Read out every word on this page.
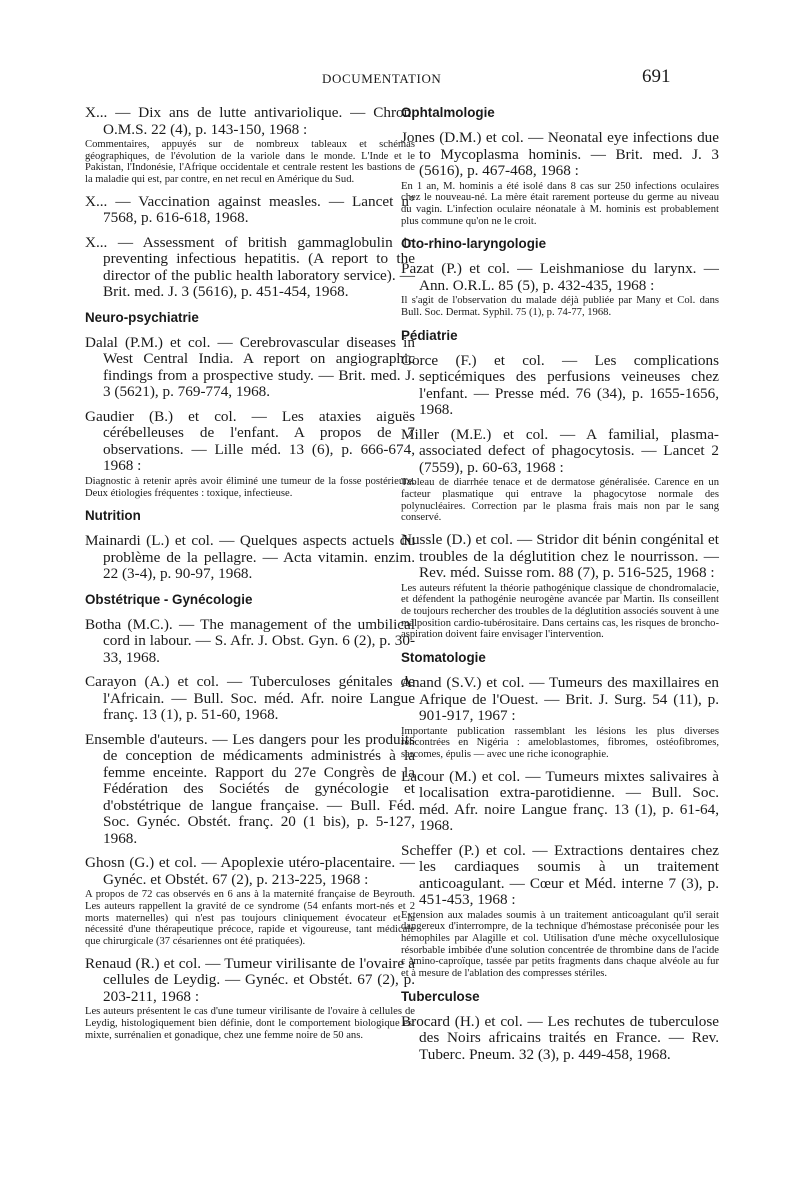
DOCUMENTATION	691
X... — Dix ans de lutte antivariolique. — Chron. O.M.S. 22 (4), p. 143-150, 1968 :
Commentaires, appuyés sur de nombreux tableaux et schémas géographiques, de l'évolution de la variole dans le monde. L'Inde et le Pakistan, l'Indonésie, l'Afrique occidentale et centrale restent les bastions de la maladie qui est, par contre, en net recul en Amérique du Sud.
X... — Vaccination against measles. — Lancet n° 7568, p. 616-618, 1968.
X... — Assessment of british gammaglobulin in preventing infectious hepatitis. (A report to the director of the public health laboratory service). — Brit. med. J. 3 (5616), p. 451-454, 1968.
Neuro-psychiatrie
Dalal (P.M.) et col. — Cerebrovascular diseases in West Central India. A report on angiographic findings from a prospective study. — Brit. med. J. 3 (5621), p. 769-774, 1968.
Gaudier (B.) et col. — Les ataxies aiguës cérébelleuses de l'enfant. A propos de 7 observations. — Lille méd. 13 (6), p. 666-674, 1968 :
Diagnostic à retenir après avoir éliminé une tumeur de la fosse postérieure. Deux étiologies fréquentes : toxique, infectieuse.
Nutrition
Mainardi (L.) et col. — Quelques aspects actuels du problème de la pellagre. — Acta vitamin. enzim. 22 (3-4), p. 90-97, 1968.
Obstétrique - Gynécologie
Botha (M.C.). — The management of the umbilical cord in labour. — S. Afr. J. Obst. Gyn. 6 (2), p. 30-33, 1968.
Carayon (A.) et col. — Tuberculoses génitales de l'Africain. — Bull. Soc. méd. Afr. noire Langue franç. 13 (1), p. 51-60, 1968.
Ensemble d'auteurs. — Les dangers pour les produits de conception de médicaments administrés à la femme enceinte. Rapport du 27e Congrès de la Fédération des Sociétés de gynécologie et d'obstétrique de langue française. — Bull. Féd. Soc. Gynéc. Obstét. franç. 20 (1 bis), p. 5-127, 1968.
Ghosn (G.) et col. — Apoplexie utéro-placentaire. — Gynéc. et Obstét. 67 (2), p. 213-225, 1968 :
A propos de 72 cas observés en 6 ans à la maternité française de Beyrouth. Les auteurs rappellent la gravité de ce syndrome (54 enfants mort-nés et 2 morts maternelles) qui n'est pas toujours cliniquement évocateur et la nécessité d'une thérapeutique précoce, rapide et vigoureuse, tant médicale que chirurgicale (37 césariennes ont été pratiquées).
Renaud (R.) et col. — Tumeur virilisante de l'ovaire à cellules de Leydig. — Gynéc. et Obstét. 67 (2), p. 203-211, 1968 :
Les auteurs présentent le cas d'une tumeur virilisante de l'ovaire à cellules de Leydig, histologiquement bien définie, dont le comportement biologique est mixte, surrénalien et gonadique, chez une femme noire de 50 ans.
Ophtalmologie
Jones (D.M.) et col. — Neonatal eye infections due to Mycoplasma hominis. — Brit. med. J. 3 (5616), p. 467-468, 1968 :
En 1 an, M. hominis a été isolé dans 8 cas sur 250 infections oculaires chez le nouveau-né. La mère était rarement porteuse du germe au niveau du vagin. L'infection oculaire néonatale à M. hominis est probablement plus commune qu'on ne le croit.
Oto-rhino-laryngologie
Pazat (P.) et col. — Leishmaniose du larynx. — Ann. O.R.L. 85 (5), p. 432-435, 1968 :
Il s'agit de l'observation du malade déjà publiée par Many et Col. dans Bull. Soc. Dermat. Syphil. 75 (1), p. 74-77, 1968.
Pédiatrie
Gorce (F.) et col. — Les complications septicémiques des perfusions veineuses chez l'enfant. — Presse méd. 76 (34), p. 1655-1656, 1968.
Miller (M.E.) et col. — A familial, plasma-associated defect of phagocytosis. — Lancet 2 (7559), p. 60-63, 1968 :
Tableau de diarrhée tenace et de dermatose généralisée. Carence en un facteur plasmatique qui entrave la phagocytose normale des polynucléaires. Correction par le plasma frais mais non par le sang conservé.
Nussle (D.) et col. — Stridor dit bénin congénital et troubles de la déglutition chez le nourrisson. — Rev. méd. Suisse rom. 88 (7), p. 516-525, 1968 :
Les auteurs réfutent la théorie pathogénique classique de chondromalacie, et défendent la pathogénie neurogène avancée par Martin. Ils conseillent de toujours rechercher des troubles de la déglutition associés souvent à une malposition cardio-tubérositaire. Dans certains cas, les risques de broncho-aspiration doivent faire envisager l'intervention.
Stomatologie
Anand (S.V.) et col. — Tumeurs des maxillaires en Afrique de l'Ouest. — Brit. J. Surg. 54 (11), p. 901-917, 1967 :
Importante publication rassemblant les lésions les plus diverses rencontrées en Nigéria : ameloblastomes, fibromes, ostéofibromes, sarcomes, épulis — avec une riche iconographie.
Lacour (M.) et col. — Tumeurs mixtes salivaires à localisation extra-parotidienne. — Bull. Soc. méd. Afr. noire Langue franç. 13 (1), p. 61-64, 1968.
Scheffer (P.) et col. — Extractions dentaires chez les cardiaques soumis à un traitement anticoagulant. — Cœur et Méd. interne 7 (3), p. 451-453, 1968 :
Extension aux malades soumis à un traitement anticoagulant qu'il serait dangereux d'interrompre, de la technique d'hémostase préconisée pour les hémophiles par Alagille et col. Utilisation d'une mèche oxycellulosique résorbable imbibée d'une solution concentrée de thrombine dans de l'acide ε amino-caproïque, tassée par petits fragments dans chaque alvéole au fur et à mesure de l'ablation des compresses stériles.
Tuberculose
Brocard (H.) et col. — Les rechutes de tuberculose des Noirs africains traités en France. — Rev. Tuberc. Pneum. 32 (3), p. 449-458, 1968.
